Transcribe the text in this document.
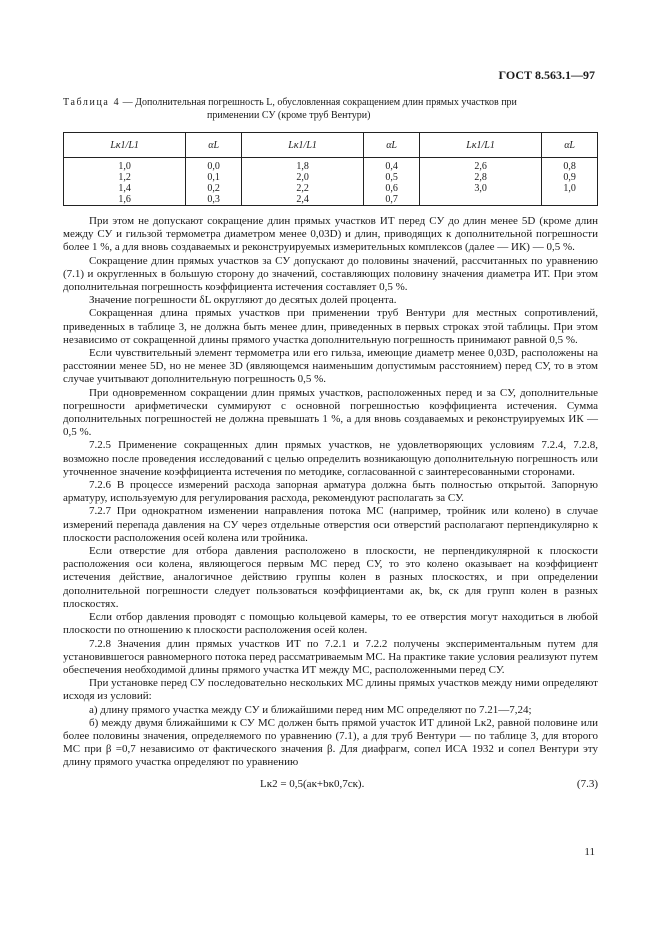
ГОСТ 8.563.1—97
Таблица 4 — Дополнительная погрешность L, обусловленная сокращением длин прямых участков при
применении СУ (кроме труб Вентури)
Lк1/L1	αL	Lк1/L1	αL	Lк1/L1	αL
1,0	0,0	1,8	0,4	2,6	0,8
1,2	0,1	2,0	0,5	2,8	0,9
1,4	0,2	2,2	0,6	3,0	1,0
1,6	0,3	2,4	0,7		

При этом не допускают сокращение длин прямых участков ИТ перед СУ до длин менее 5D (кроме длин между СУ и гильзой термометра диаметром менее 0,03D) и длин, приводящих к дополнительной погрешности более 1 %, а для вновь создаваемых и реконструируемых измерительных комплексов (далее — ИК) — 0,5 %.

Сокращение длин прямых участков за СУ допускают до половины значений, рассчитанных по уравнению (7.1) и округленных в большую сторону до значений, составляющих половину значения диаметра ИТ. При этом дополнительная погрешность коэффициента истечения составляет 0,5 %.

Значение погрешности δL округляют до десятых долей процента.

Сокращенная длина прямых участков при применении труб Вентури для местных сопротивлений, приведенных в таблице 3, не должна быть менее длин, приведенных в первых строках этой таблицы. При этом независимо от сокращенной длины прямого участка дополнительную погрешность принимают равной 0,5 %.

Если чувствительный элемент термометра или его гильза, имеющие диаметр менее 0,03D, расположены на расстоянии менее 5D, но не менее 3D (являющемся наименьшим допустимым расстоянием) перед СУ, то в этом случае учитывают дополнительную погрешность 0,5 %.

При одновременном сокращении длин прямых участков, расположенных перед и за СУ, дополнительные погрешности арифметически суммируют с основной погрешностью коэффициента истечения. Сумма дополнительных погрешностей не должна превышать 1 %, а для вновь создаваемых и реконструируемых ИК —0,5 %.

7.2.5 Применение сокращенных длин прямых участков, не удовлетворяющих условиям 7.2.4, 7.2.8, возможно после проведения исследований с целью определить возникающую дополнительную погрешность или уточненное значение коэффициента истечения по методике, согласованной с заинтересованными сторонами.

7.2.6 В процессе измерений расхода запорная арматура должна быть полностью открытой. Запорную арматуру, используемую для регулирования расхода, рекомендуют располагать за СУ.

7.2.7 При однократном изменении направления потока МС (например, тройник или колено) в случае измерений перепада давления на СУ через отдельные отверстия оси отверстий располагают перпендикулярно к плоскости расположения осей колена или тройника.

Если отверстие для отбора давления расположено в плоскости, не перпендикулярной к плоскости расположения оси колена, являющегося первым МС перед СУ, то это колено оказывает на коэффициент истечения действие, аналогичное действию группы колен в разных плоскостях, и при определении дополнительной погрешности следует пользоваться коэффициентами aк, bк, cк для групп колен в разных плоскостях.

Если отбор давления проводят с помощью кольцевой камеры, то ее отверстия могут находиться в любой плоскости по отношению к плоскости расположения осей колен.

7.2.8 Значения длин прямых участков ИТ по 7.2.1 и 7.2.2 получены экспериментальным путем для установившегося равномерного потока перед рассматриваемым МС. На практике такие условия реализуют путем обеспечения необходимой длины прямого участка ИТ между МС, расположенными перед СУ.

При установке перед СУ последовательно нескольких МС длины прямых участков между ними определяют исходя из условий:

а) длину прямого участка между СУ и ближайшими перед ним МС определяют по 7.21—7,24;

б) между двумя ближайшими к СУ МС должен быть прямой участок ИТ длиной Lк2, равной половине или более половины значения, определяемого по уравнению (7.1), а для труб Вентури — по таблице 3, для второго МС при β =0,7 независимо от фактического значения β. Для диафрагм, сопел ИСА 1932 и сопел Вентури эту длину прямого участка определяют по уравнению

Lк2 = 0,5(aк+bк0,7cк).	(7.3)
11
